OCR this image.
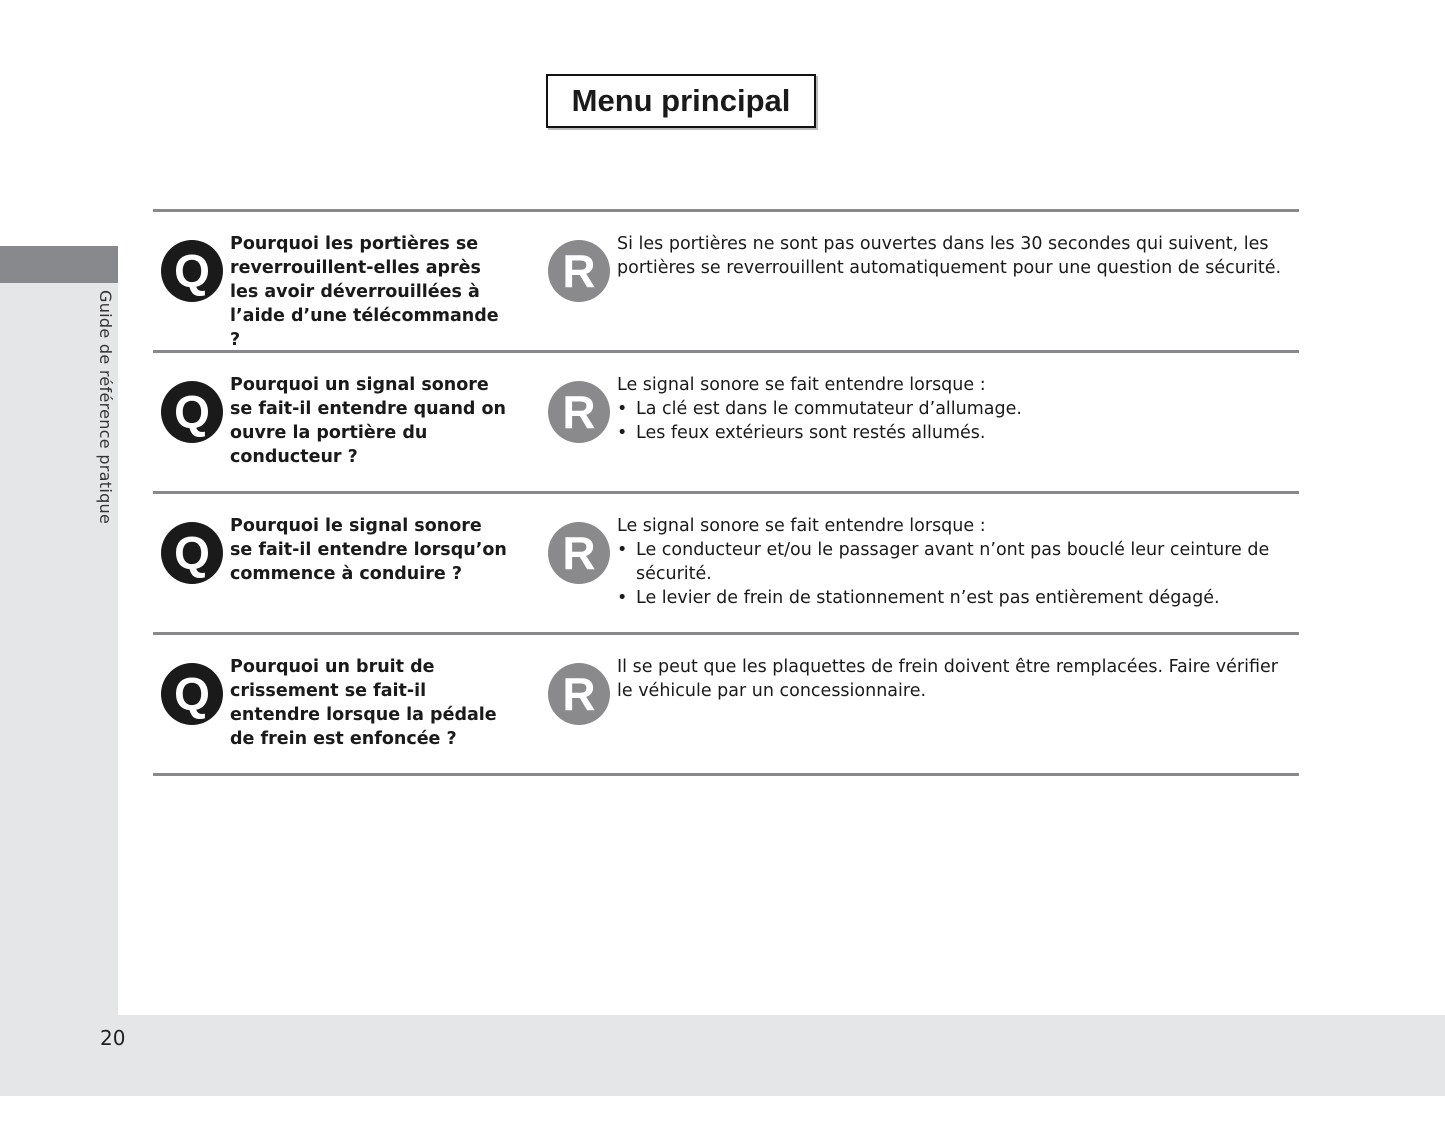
Guide de référence pratique
20
Menu principal
Q
Pourquoi les portières se reverrouillent-elles après les avoir déverrouillées à l’aide d’une télécommande ?
R
Si les portières ne sont pas ouvertes dans les 30 secondes qui suivent, les portières se reverrouillent automatiquement pour une question de sécurité.
Q
Pourquoi un signal sonore se fait-il entendre quand on ouvre la portière du conducteur ?
R
Le signal sonore se fait entendre lorsque :
• La clé est dans le commutateur d’allumage.
• Les feux extérieurs sont restés allumés.
Q
Pourquoi le signal sonore se fait-il entendre lorsqu’on commence à conduire ?	R
Le signal sonore se fait entendre lorsque :
• Le conducteur et/ou le passager avant n’ont pas bouclé leur ceinture de sécurité.
• Le levier de frein de stationnement n’est pas entièrement dégagé.
Q
Pourquoi un bruit de crissement se fait-il entendre lorsque la pédale de frein est enfoncée ?
R
Il se peut que les plaquettes de frein doivent être remplacées. Faire vérifier le véhicule par un concessionnaire.
